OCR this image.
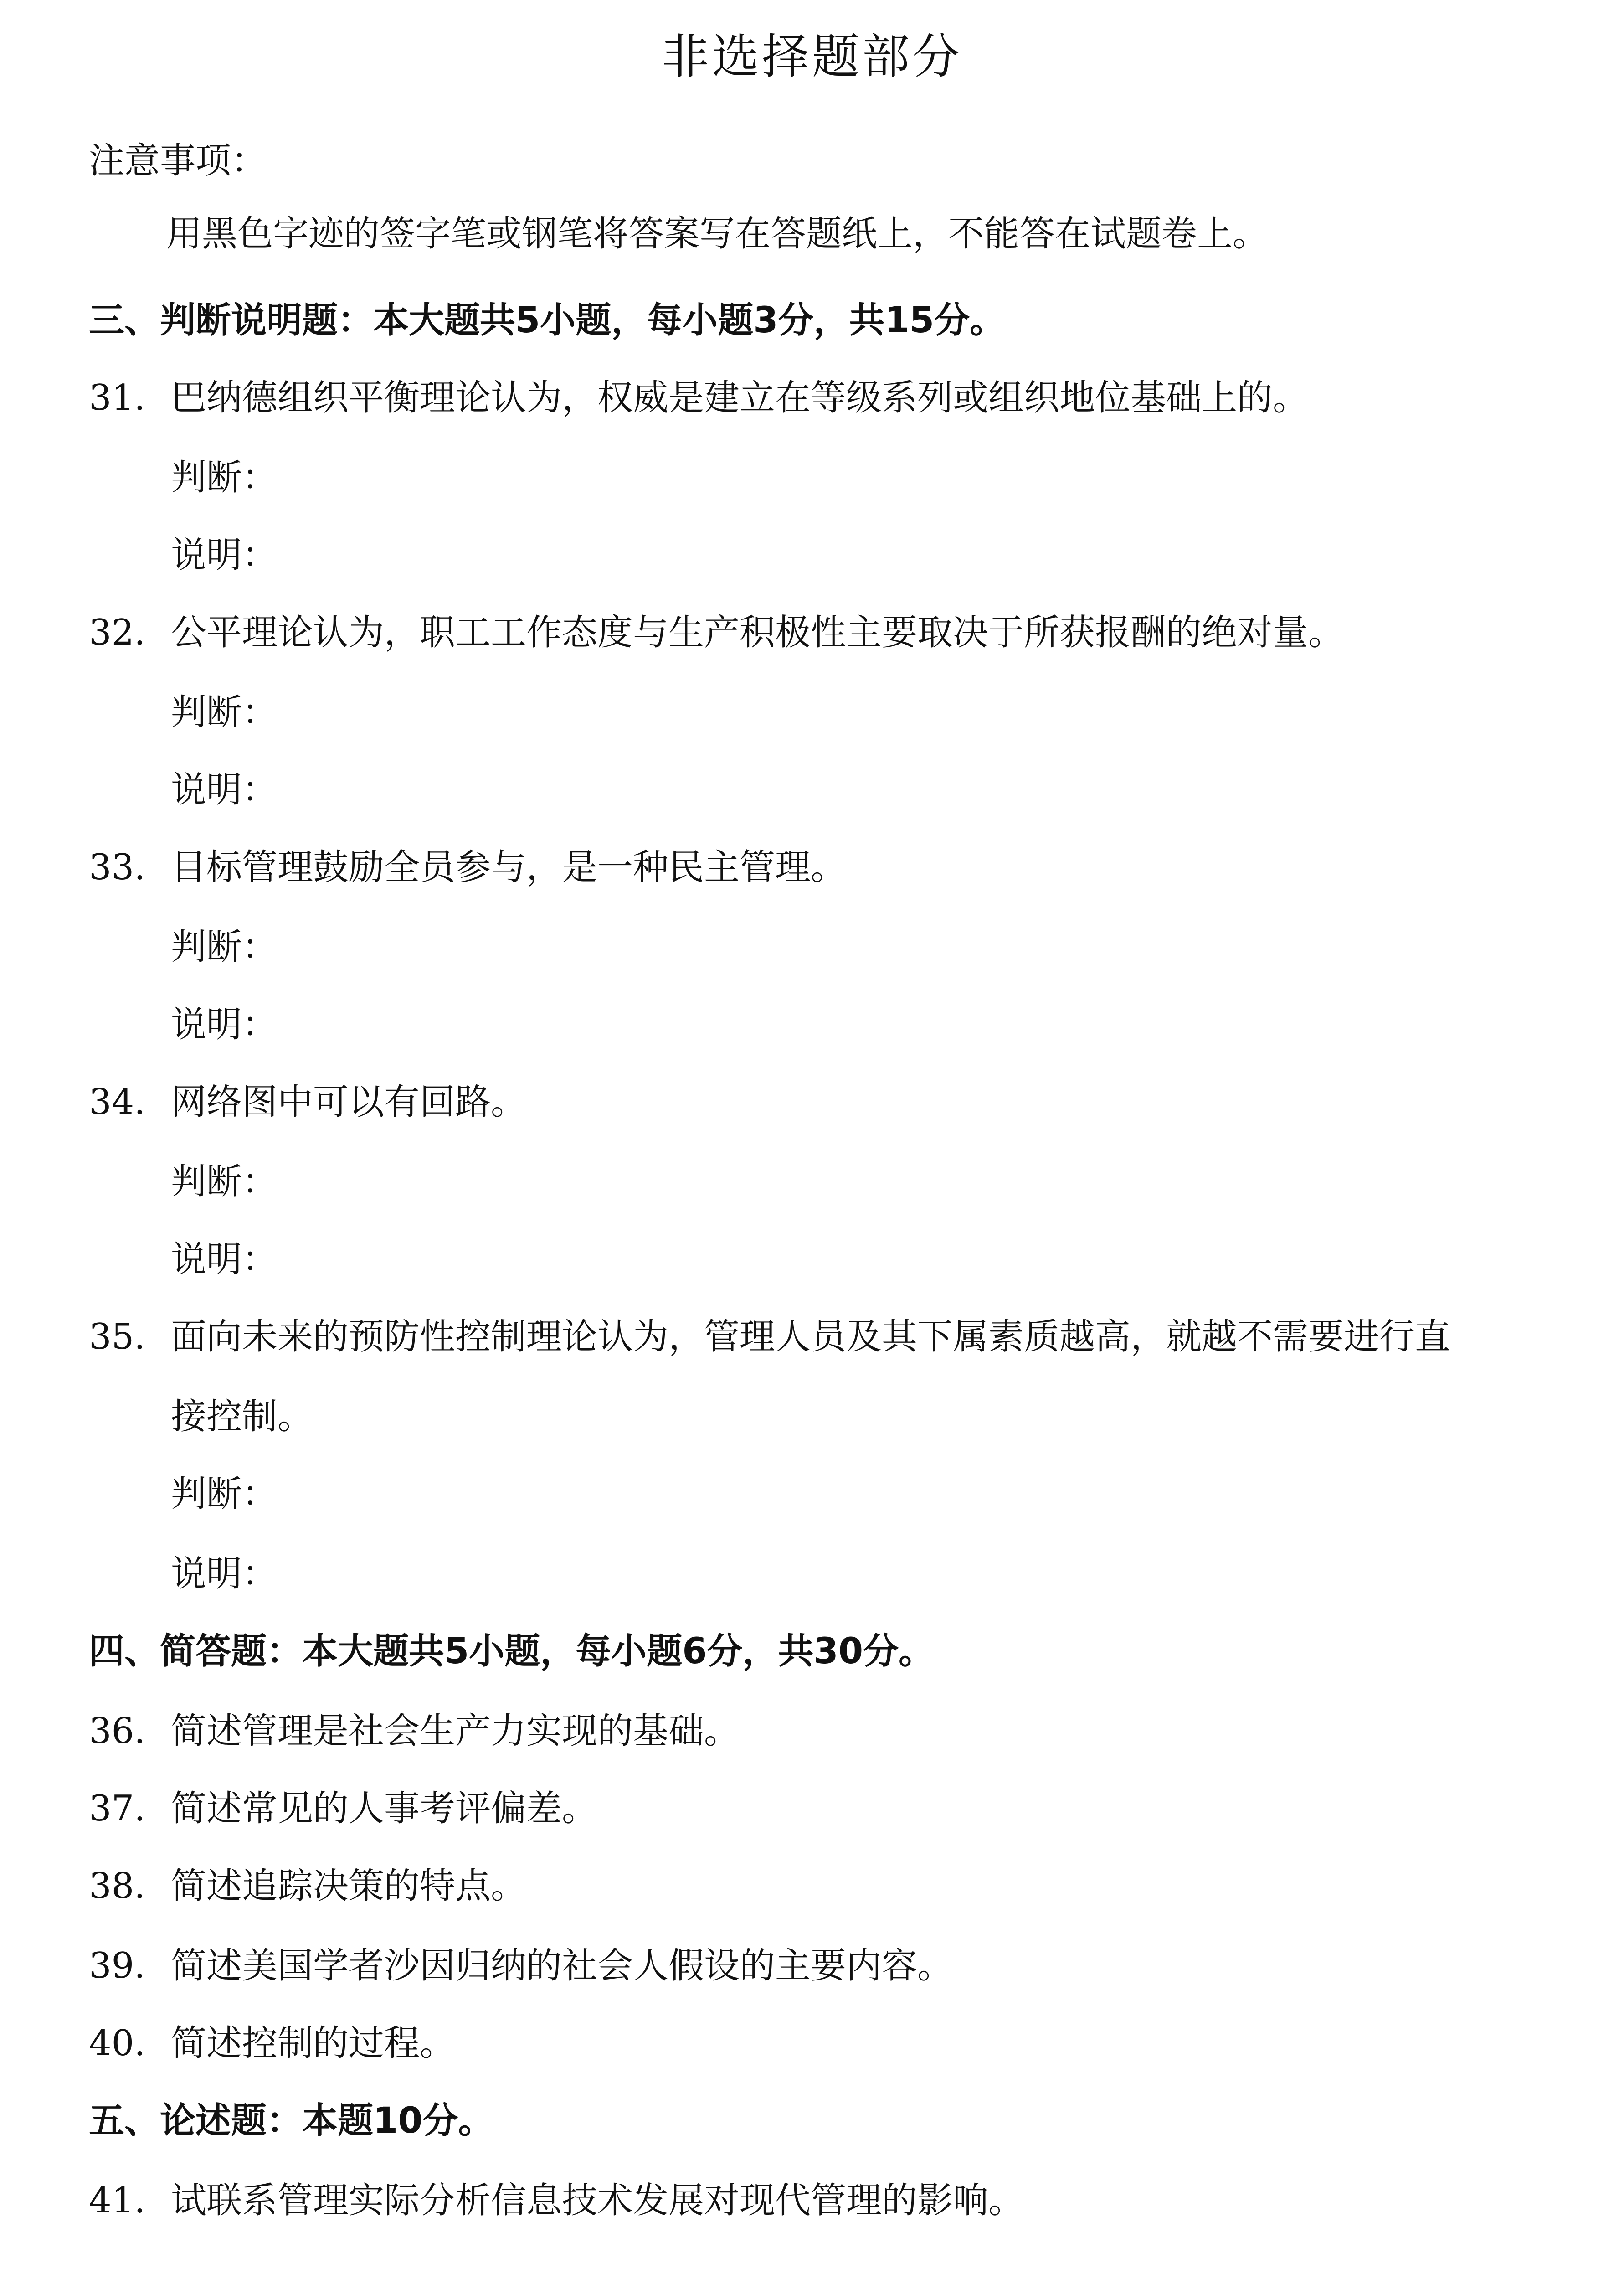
非选择题部分
注意事项：
用黑色字迹的签字笔或钢笔将答案写在答题纸上，不能答在试题卷上。
三、判断说明题：本大题共5小题，每小题3分，共15分。
31. 巴纳德组织平衡理论认为，权威是建立在等级系列或组织地位基础上的。
判断：
说明：
32. 公平理论认为，职工工作态度与生产积极性主要取决于所获报酬的绝对量。
判断：
说明：
33. 目标管理鼓励全员参与，是一种民主管理。
判断：
说明：
34. 网络图中可以有回路。
判断：
说明：
35. 面向未来的预防性控制理论认为，管理人员及其下属素质越高，就越不需要进行直
接控制。
判断：
说明：
四、简答题：本大题共5小题，每小题6分，共30分。
36. 简述管理是社会生产力实现的基础。
37. 简述常见的人事考评偏差。
38. 简述追踪决策的特点。
39. 简述美国学者沙因归纳的社会人假设的主要内容。
40. 简述控制的过程。
五、论述题：本题10分。
41. 试联系管理实际分析信息技术发展对现代管理的影响。
